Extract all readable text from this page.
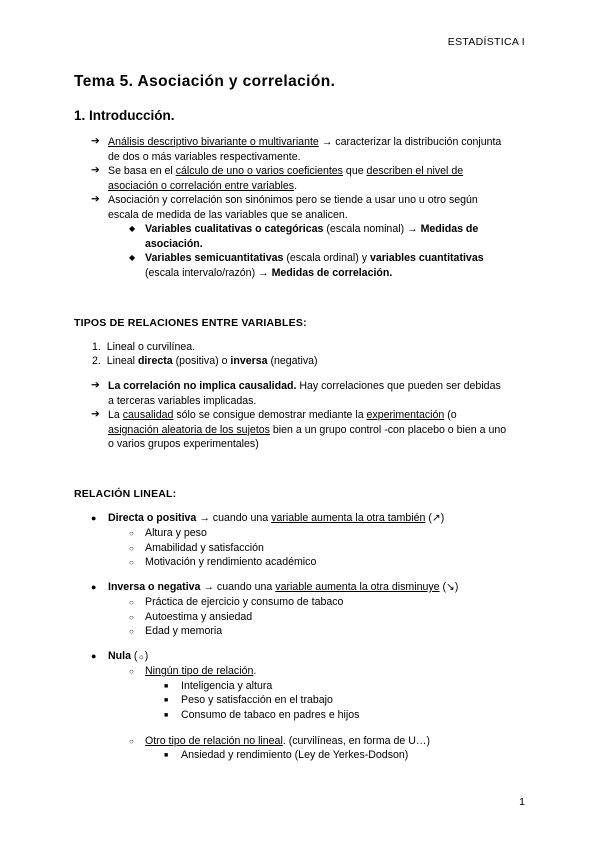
ESTADÍSTICA I
Tema 5. Asociación y correlación.
1. Introducción.
➔ Análisis descriptivo bivariante o multivariante → caracterizar la distribución conjunta
de dos o más variables respectivamente.
➔ Se basa en el cálculo de uno o varios coeficientes que describen el nivel de
asociación o correlación entre variables.
➔ Asociación y correlación son sinónimos pero se tiende a usar uno u otro según
escala de medida de las variables que se analicen.
◆ Variables cualitativas o categóricas (escala nominal) → Medidas de
asociación.
◆ Variables semicuantitativas (escala ordinal) y variables cuantitativas
(escala intervalo/razón) → Medidas de correlación.
TIPOS DE RELACIONES ENTRE VARIABLES:
1. Lineal o curvilínea.
2. Lineal directa (positiva) o inversa (negativa)
➔ La correlación no implica causalidad. Hay correlaciones que pueden ser debidas
a terceras variables implicadas.
➔ La causalidad sólo se consigue demostrar mediante la experimentación (o
asignación aleatoria de los sujetos bien a un grupo control -con placebo o bien a uno
o varios grupos experimentales)
RELACIÓN LINEAL:
● Directa o positiva → cuando una variable aumenta la otra también (↗)
○ Altura y peso
○ Amabilidad y satisfacción
○ Motivación y rendimiento académico
● Inversa o negativa → cuando una variable aumenta la otra disminuye (↘)
○ Práctica de ejercicio y consumo de tabaco
○ Autoestima y ansiedad
○ Edad y memoria
● Nula (☼)
○ Ningún tipo de relación.
■ Inteligencia y altura
■ Peso y satisfacción en el trabajo
■ Consumo de tabaco en padres e hijos
○ Otro tipo de relación no lineal. (curvilíneas, en forma de U…)
■ Ansiedad y rendimiento (Ley de Yerkes-Dodson)
1
